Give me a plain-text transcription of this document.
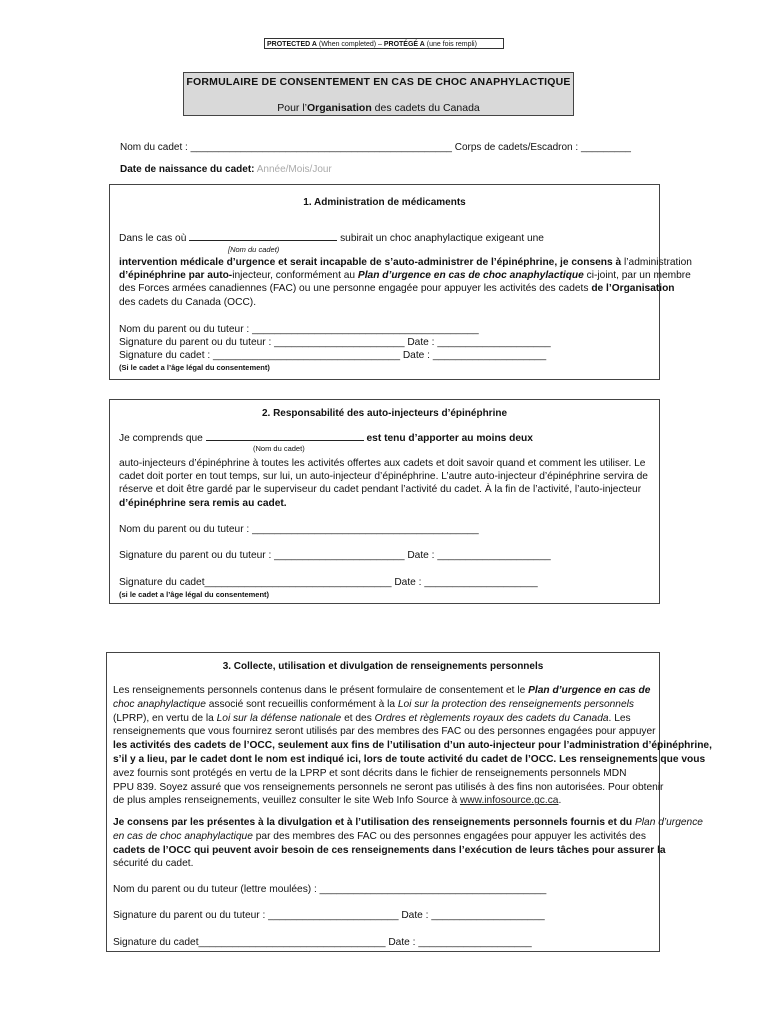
PROTECTED A (When completed) – PROTÉGÉ A (une fois rempli)
FORMULAIRE DE CONSENTEMENT EN CAS DE CHOC ANAPHYLACTIQUE
Pour l’Organisation des cadets du Canada
Nom du cadet : _______________________________________________ Corps de cadets/Escadron : _________
Date de naissance du cadet: Année/Mois/Jour
1. Administration de médicaments
Dans le cas où	subirait un choc anaphylactique exigeant une
[Nom du cadet)
intervention médicale d’urgence et serait incapable de s’auto-administrer de l’épinéphrine, je consens à l’administration
d’épinéphrine par auto-injecteur, conformément au Plan d’urgence en cas de choc anaphylactique ci-joint, par un membre
des Forces armées canadiennes (FAC) ou une personne engagée pour appuyer les activités des cadets de l’Organisation
des cadets du Canada (OCC).
Nom du parent ou du tuteur : ________________________________________
Signature du parent ou du tuteur : _______________________ Date : ____________________
Signature du cadet : _________________________________ Date : ____________________
(Si le cadet a l’âge légal du consentement)
2. Responsabilité des auto-injecteurs d’épinéphrine
Je comprends que	est tenu d’apporter au moins deux
(Nom du cadet)
auto-injecteurs d’épinéphrine à toutes les activités offertes aux cadets et doit savoir quand et comment les utiliser. Le
cadet doit porter en tout temps, sur lui, un auto-injecteur d’épinéphrine. L’autre auto-injecteur d’épinéphrine servira de
réserve et doit être gardé par le superviseur du cadet pendant l’activité du cadet. À la fin de l’activité, l’auto-injecteur
d’épinéphrine sera remis au cadet.
Nom du parent ou du tuteur : ________________________________________
Signature du parent ou du tuteur : _______________________ Date : ____________________
Signature du cadet_________________________________ Date : ____________________
(si le cadet a l’âge légal du consentement)
3. Collecte, utilisation et divulgation de renseignements personnels
Les renseignements personnels contenus dans le présent formulaire de consentement et le Plan d’urgence en cas de
choc anaphylactique associé sont recueillis conformément à la Loi sur la protection des renseignements personnels
(LPRP), en vertu de la Loi sur la défense nationale et des Ordres et règlements royaux des cadets du Canada. Les
renseignements que vous fournirez seront utilisés par des membres des FAC ou des personnes engagées pour appuyer
les activités des cadets de l’OCC, seulement aux fins de l’utilisation d’un auto-injecteur pour l’administration d’épinéphrine,
s’il y a lieu, par le cadet dont le nom est indiqué ici, lors de toute activité du cadet de l’OCC. Les renseignements que vous
avez fournis sont protégés en vertu de la LPRP et sont décrits dans le fichier de renseignements personnels MDN
PPU 839. Soyez assuré que vos renseignements personnels ne seront pas utilisés à des fins non autorisées. Pour obtenir
de plus amples renseignements, veuillez consulter le site Web Info Source à www.infosource.gc.ca.
Je consens par les présentes à la divulgation et à l’utilisation des renseignements personnels fournis et du Plan d’urgence
en cas de choc anaphylactique par des membres des FAC ou des personnes engagées pour appuyer les activités des
cadets de l’OCC qui peuvent avoir besoin de ces renseignements dans l’exécution de leurs tâches pour assurer la
sécurité du cadet.
Nom du parent ou du tuteur (lettre moulées) : ________________________________________
Signature du parent ou du tuteur : _______________________ Date : ____________________
Signature du cadet_________________________________ Date : ____________________
